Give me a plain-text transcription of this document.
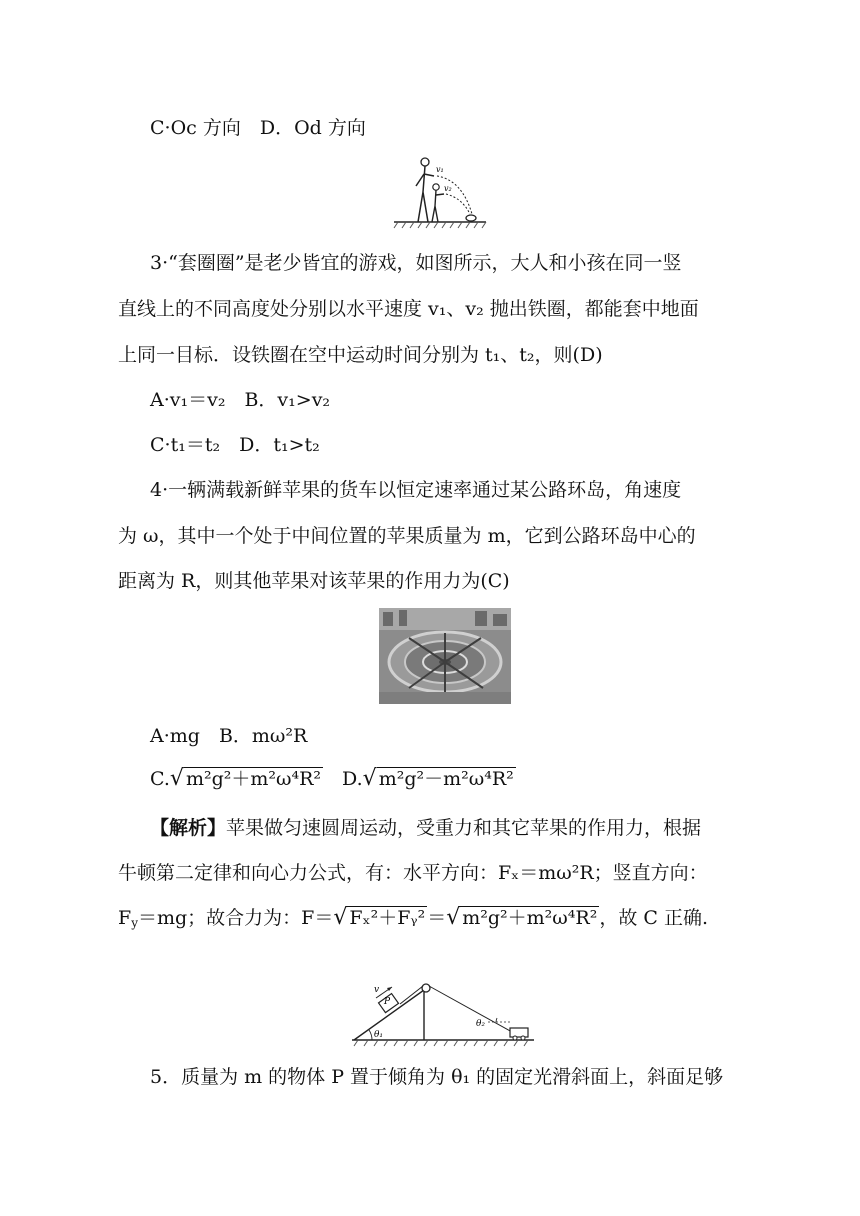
C·Oc 方向　D．Od 方向
v₁
v₂
3·“套圈圈”是老少皆宜的游戏，如图所示，大人和小孩在同一竖
直线上的不同高度处分别以水平速度 v₁、v₂ 抛出铁圈，都能套中地面
上同一目标．设铁圈在空中运动时间分别为 t₁、t₂，则(D)
A·v₁＝v₂　B．v₁>v₂
C·t₁＝t₂　D．t₁>t₂
4·一辆满载新鲜苹果的货车以恒定速率通过某公路环岛，角速度
为 ω，其中一个处于中间位置的苹果质量为 m，它到公路环岛中心的
距离为 R，则其他苹果对该苹果的作用力为(C)
A·mg　B．mω²R
C.√ m²g²＋m²ω⁴R²　 D.√ m²g²－m²ω⁴R²
【解析】苹果做匀速圆周运动，受重力和其它苹果的作用力，根据
牛顿第二定律和向心力公式，有：水平方向：Fₓ＝mω²R；竖直方向：
$F_y=mg$；故合力为：F＝√ Fₓ²＋Fᵧ² ＝√ m²g²＋m²ω⁴R² ，故 C 正确.
P
v
θ₁
θ₂
5．质量为 m 的物体 P 置于倾角为 θ₁ 的固定光滑斜面上，斜面足够
